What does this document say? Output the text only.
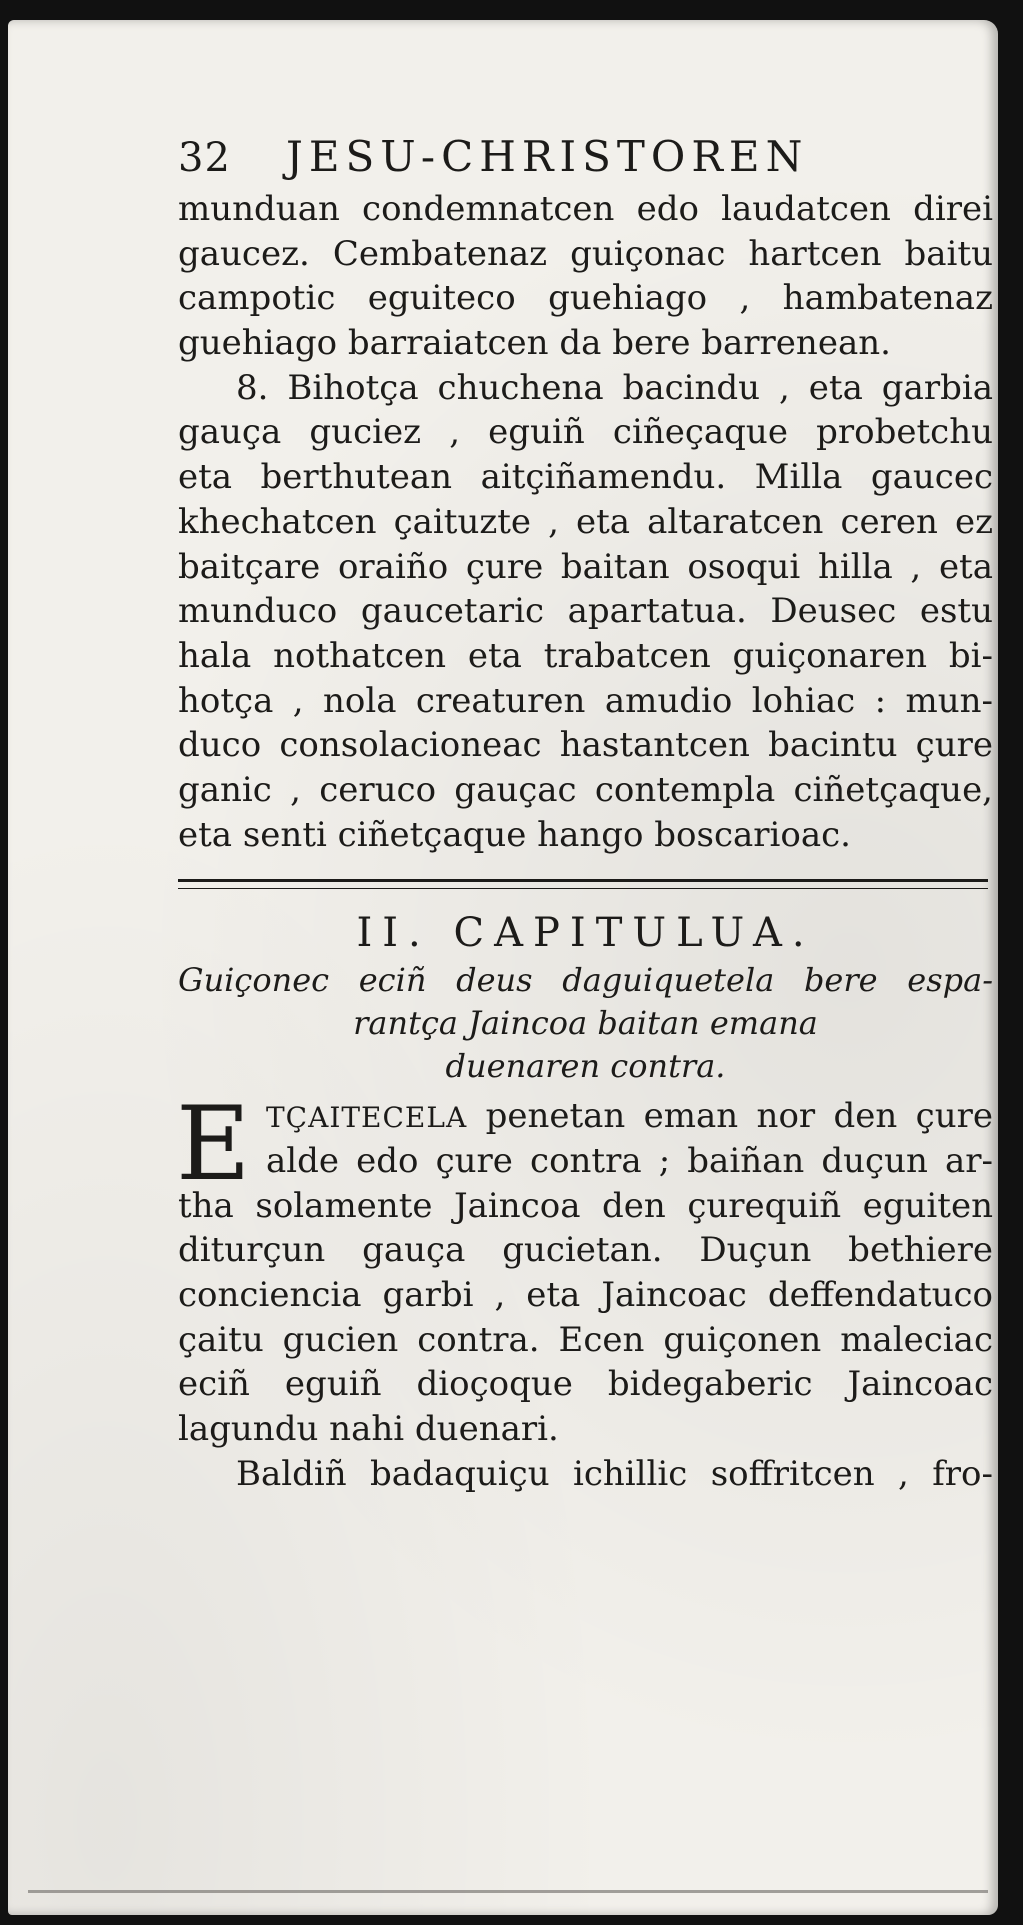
32	JESU-CHRISTOREN
munduan condemnatcen edo laudatcen direi
gaucez. Cembatenaz guiçonac hartcen baitu
campotic eguiteco guehiago , hambatenaz
guehiago barraiatcen da bere barrenean.
8. Bihotça chuchena bacindu , eta garbia
gauça guciez , eguiñ ciñeçaque probetchu
eta berthutean aitçiñamendu. Milla gaucec
khechatcen çaituzte , eta altaratcen ceren ez
baitçare oraiño çure baitan osoqui hilla , eta
munduco gaucetaric apartatua. Deusec estu
hala nothatcen eta trabatcen guiçonaren bi-
hotça , nola creaturen amudio lohiac : mun-
duco consolacioneac hastantcen bacintu çure
ganic , ceruco gauçac contempla ciñetçaque,
eta senti ciñetçaque hango boscarioac.
II. CAPITULUA.
Guiçonec eciñ deus daguiquetela bere espa-
rantça Jaincoa baitan emana
duenaren contra.
E TÇAITECELA penetan eman nor den çure
alde edo çure contra ; baiñan duçun ar-
tha solamente Jaincoa den çurequiñ eguiten
diturçun gauça gucietan. Duçun bethiere
conciencia garbi , eta Jaincoac deffendatuco
çaitu gucien contra. Ecen guiçonen maleciac
eciñ eguiñ dioçoque bidegaberic Jaincoac
lagundu nahi duenari.
Baldiñ badaquiçu ichillic soffritcen , fro-
